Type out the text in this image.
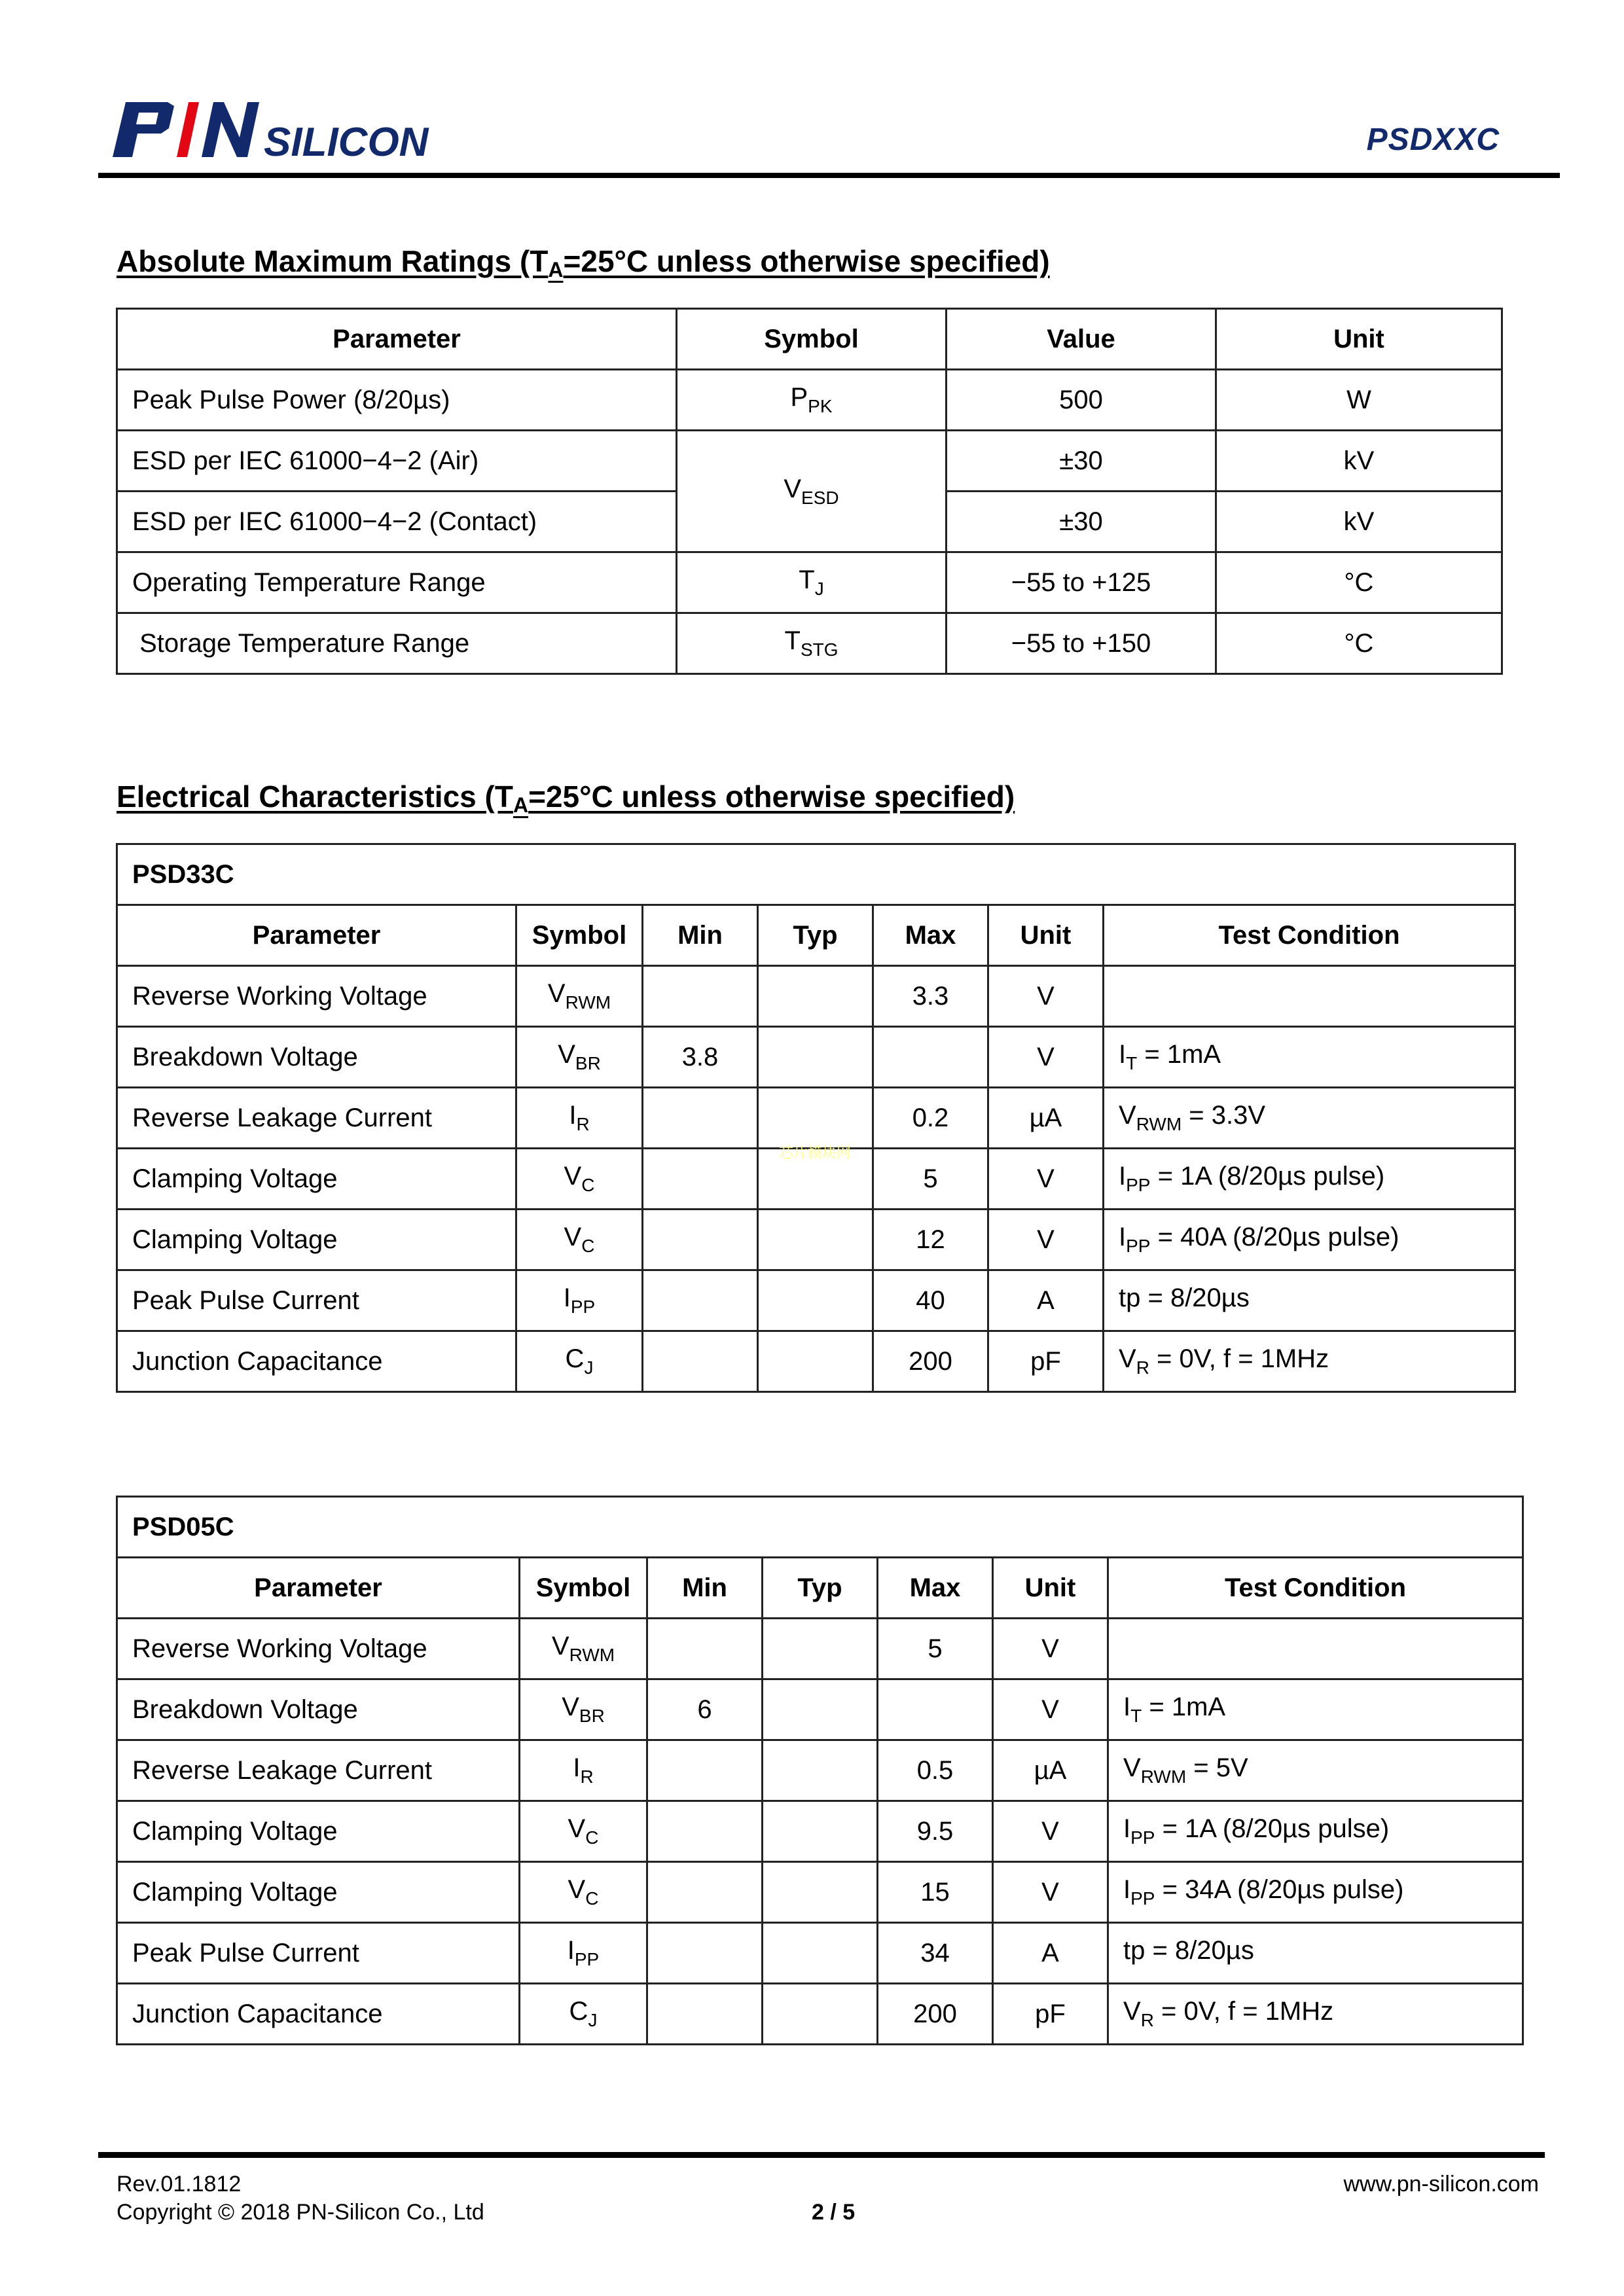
SILICON	PSDXXC
Absolute Maximum Ratings ($T_A=25^\circ C$ unless otherwise specified)
Parameter	Symbol	Value	Unit
Peak Pulse Power (8/20µs)	$P_{PK}$	500	W
ESD per IEC 61000−4−2 (Air)	$V_{ESD}$	±30	kV
ESD per IEC 61000−4−2 (Contact)		±30	kV
Operating Temperature Range	$T_J$	−55 to +125	°C
Storage Temperature Range	$T_{STG}$	−55 to +150	°C
Electrical Characteristics ($T_A=25^\circ C$ unless otherwise specified)
PSD33C						
Parameter	Symbol	Min	Typ	Max	Unit	Test Condition
Reverse Working Voltage	$V_{RWM}$			3.3	V	
Breakdown Voltage	$V_{BR}$	3.8			V	$I_T = 1mA$
Reverse Leakage Current	$I_R$			0.2	µA	$V_{RWM} = 3.3V$
Clamping Voltage	$V_C$			5	V	$I_{PP} = 1A$ (8/20µs pulse)
Clamping Voltage	$V_C$			12	V	$I_{PP} = 40A$ (8/20µs pulse)
Peak Pulse Current	$I_{PP}$			40	A	tp = 8/20µs
Junction Capacitance	$C_J$			200	pF	$V_R = 0V$, f = 1MHz
芯片模块网
PSD05C						
Parameter	Symbol	Min	Typ	Max	Unit	Test Condition
Reverse Working Voltage	$V_{RWM}$			5	V	
Breakdown Voltage	$V_{BR}$	6			V	$I_T = 1mA$
Reverse Leakage Current	$I_R$			0.5	µA	$V_{RWM} = 5V$
Clamping Voltage	$V_C$			9.5	V	$I_{PP} = 1A$ (8/20µs pulse)
Clamping Voltage	$V_C$			15	V	$I_{PP} = 34A$ (8/20µs pulse)
Peak Pulse Current	$I_{PP}$			34	A	tp = 8/20µs
Junction Capacitance	$C_J$			200	pF	$V_R = 0V$, f = 1MHz
Rev.01.1812
Copyright © 2018 PN-Silicon Co., Ltd	2 / 5
www.pn-silicon.com
